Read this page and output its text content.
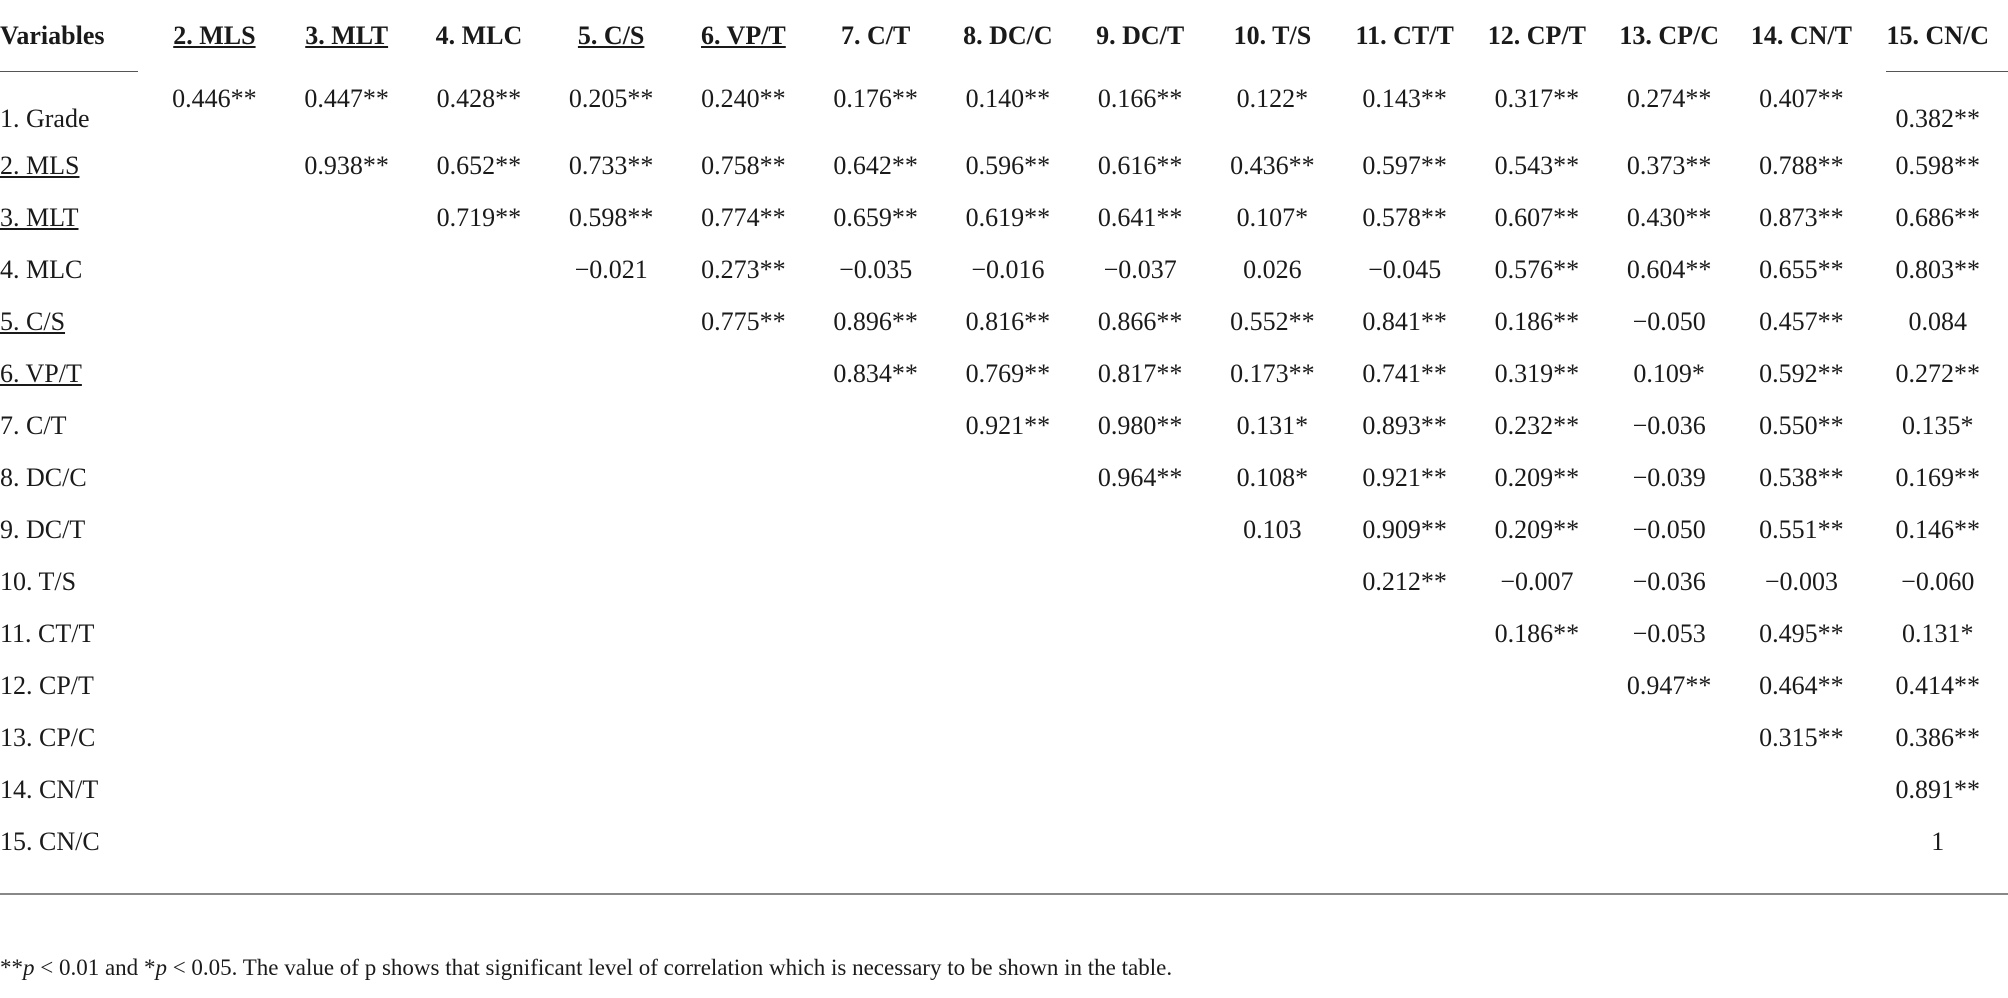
Variables	2. MLS	3. MLT	4. MLC	5. C/S	6. VP/T	7. C/T	8. DC/C	9. DC/T	10. T/S	11. CT/T	12. CP/T	13. CP/C	14. CN/T	15. CN/C
1. Grade	0.446**	0.447**	0.428**	0.205**	0.240**	0.176**	0.140**	0.166**	0.122*	0.143**	0.317**	0.274**	0.407**	0.382**
2. MLS		0.938**	0.652**	0.733**	0.758**	0.642**	0.596**	0.616**	0.436**	0.597**	0.543**	0.373**	0.788**	0.598**
3. MLT			0.719**	0.598**	0.774**	0.659**	0.619**	0.641**	0.107*	0.578**	0.607**	0.430**	0.873**	0.686**
4. MLC				−0.021	0.273**	−0.035	−0.016	−0.037	0.026	−0.045	0.576**	0.604**	0.655**	0.803**
5. C/S					0.775**	0.896**	0.816**	0.866**	0.552**	0.841**	0.186**	−0.050	0.457**	0.084
6. VP/T						0.834**	0.769**	0.817**	0.173**	0.741**	0.319**	0.109*	0.592**	0.272**
7. C/T							0.921**	0.980**	0.131*	0.893**	0.232**	−0.036	0.550**	0.135*
8. DC/C								0.964**	0.108*	0.921**	0.209**	−0.039	0.538**	0.169**
9. DC/T									0.103	0.909**	0.209**	−0.050	0.551**	0.146**
10. T/S										0.212**	−0.007	−0.036	−0.003	−0.060
11. CT/T											0.186**	−0.053	0.495**	0.131*
12. CP/T												0.947**	0.464**	0.414**
13. CP/C													0.315**	0.386**
14. CN/T														0.891**
15. CN/C														1
**p < 0.01 and *p < 0.05. The value of p shows that significant level of correlation which is necessary to be shown in the table.
